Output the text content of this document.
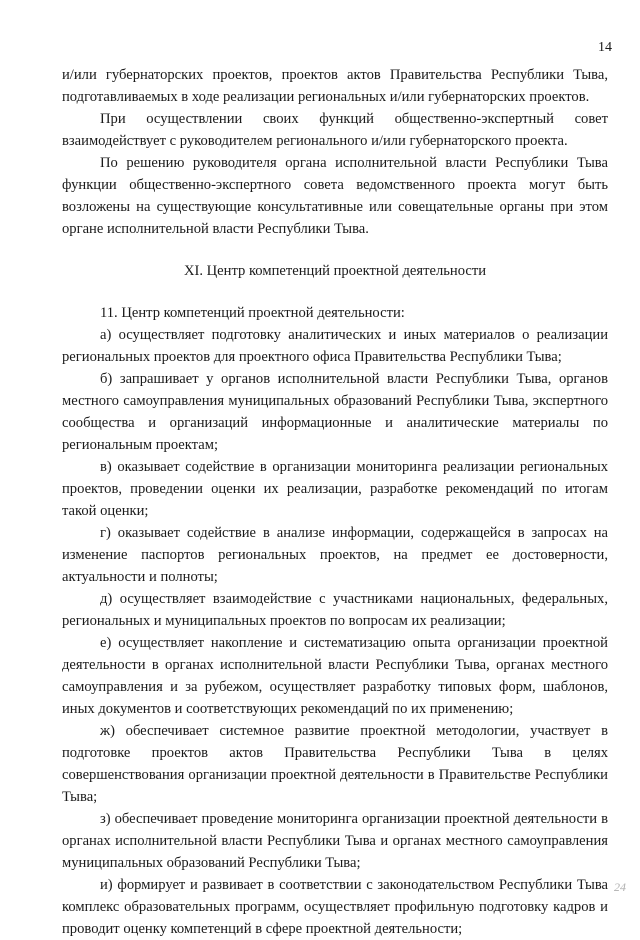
14

и/или губернаторских проектов, проектов актов Правительства Республики Тыва, подготавливаемых в ходе реализации региональных и/или губернаторских проектов.

При осуществлении своих функций общественно-экспертный совет взаимодействует с руководителем регионального и/или губернаторского проекта.

По решению руководителя органа исполнительной власти Республики Тыва функции общественно-экспертного совета ведомственного проекта могут быть возложены на существующие консультативные или совещательные органы при этом органе исполнительной власти Республики Тыва.

XI. Центр компетенций проектной деятельности

11. Центр компетенций проектной деятельности:

а) осуществляет подготовку аналитических и иных материалов о реализации региональных проектов для проектного офиса Правительства Республики Тыва;

б) запрашивает у органов исполнительной власти Республики Тыва, органов местного самоуправления муниципальных образований Республики Тыва, экспертного сообщества и организаций информационные и аналитические материалы по региональным проектам;

в) оказывает содействие в организации мониторинга реализации региональных проектов, проведении оценки их реализации, разработке рекомендаций по итогам такой оценки;

г) оказывает содействие в анализе информации, содержащейся в запросах на изменение паспортов региональных проектов, на предмет ее достоверности, актуальности и полноты;

д) осуществляет взаимодействие с участниками национальных, федеральных, региональных и муниципальных проектов по вопросам их реализации;

е) осуществляет накопление и систематизацию опыта организации проектной деятельности в органах исполнительной власти Республики Тыва, органах местного самоуправления и за рубежом, осуществляет разработку типовых форм, шаблонов, иных документов и соответствующих рекомендаций по их применению;

ж) обеспечивает системное развитие проектной методологии, участвует в подготовке проектов актов Правительства Республики Тыва в целях совершенствования организации проектной деятельности в Правительстве Республики Тыва;

з) обеспечивает проведение мониторинга организации проектной деятельности в органах исполнительной власти Республики Тыва и органах местного самоуправления муниципальных образований Республики Тыва;

и) формирует и развивает в соответствии с законодательством Республики Тыва комплекс образовательных программ, осуществляет профильную подготовку кадров и проводит оценку компетенций в сфере проектной деятельности;

24
